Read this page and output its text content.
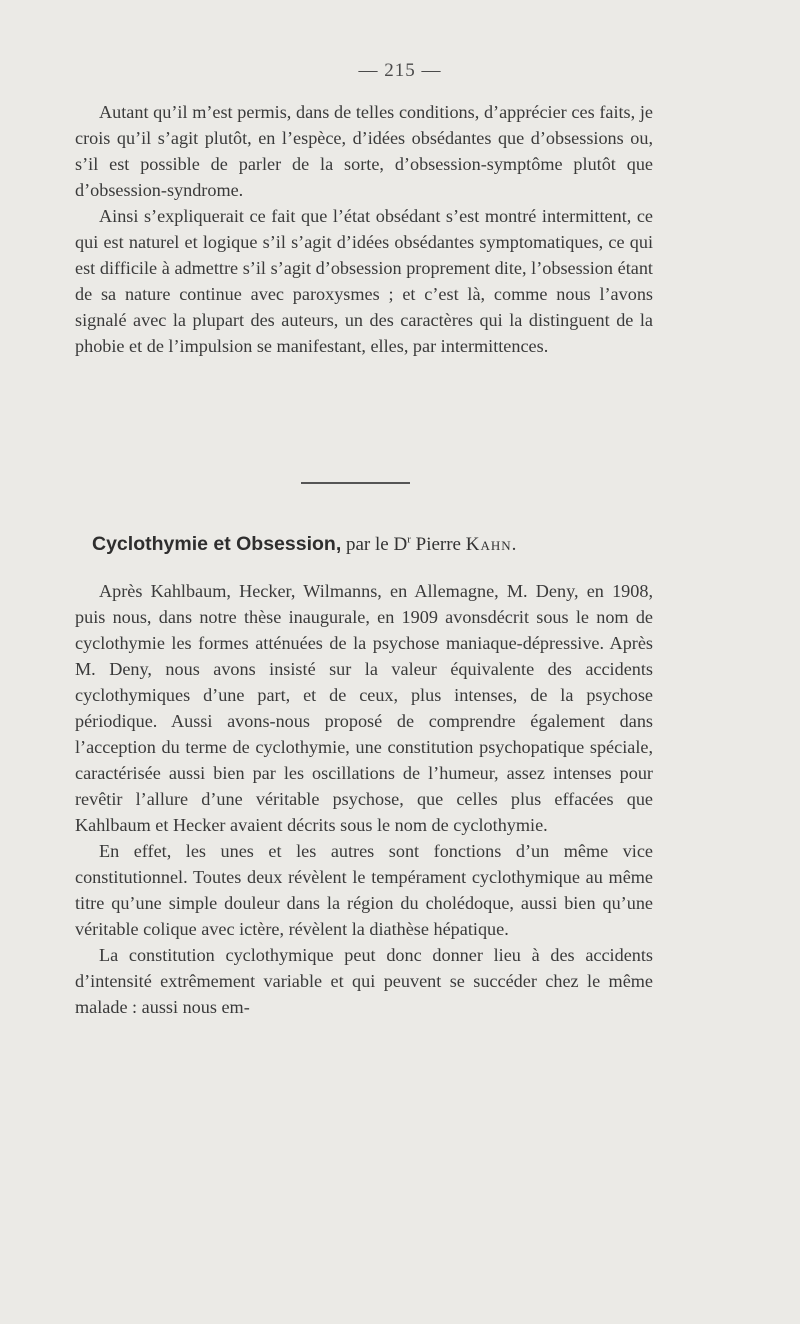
— 215 —

Autant qu’il m’est permis, dans de telles conditions, d’apprécier ces faits, je crois qu’il s’agit plutôt, en l’espèce, d’idées obsédantes que d’obsessions ou, s’il est possible de parler de la sorte, d’obsession-symptôme plutôt que d’obsession-syndrome.

Ainsi s’expliquerait ce fait que l’état obsédant s’est montré intermittent, ce qui est naturel et logique s’il s’agit d’idées obsédantes symptomatiques, ce qui est difficile à admettre s’il s’agit d’obsession proprement dite, l’obsession étant de sa nature continue avec paroxysmes ; et c’est là, comme nous l’avons signalé avec la plupart des auteurs, un des caractères qui la distinguent de la phobie et de l’impulsion se manifestant, elles, par intermittences.

Cyclothymie et Obsession, par le $D^r$ Pierre Kahn.

Après Kahlbaum, Hecker, Wilmanns, en Allemagne, M. Deny, en 1908, puis nous, dans notre thèse inaugurale, en 1909 avonsdécrit sous le nom de cyclothymie les formes atténuées de la psychose maniaque-dépressive. Après M. Deny, nous avons insisté sur la valeur équivalente des accidents cyclothymiques d’une part, et de ceux, plus intenses, de la psychose périodique. Aussi avons-nous proposé de comprendre également dans l’acception du terme de cyclothymie, une constitution psychopatique spéciale, caractérisée aussi bien par les oscillations de l’humeur, assez intenses pour revêtir l’allure d’une véritable psychose, que celles plus effacées que Kahlbaum et Hecker avaient décrits sous le nom de cyclothymie.

En effet, les unes et les autres sont fonctions d’un même vice constitutionnel. Toutes deux révèlent le tempérament cyclothymique au même titre qu’une simple douleur dans la région du cholédoque, aussi bien qu’une véritable colique avec ictère, révèlent la diathèse hépatique.

La constitution cyclothymique peut donc donner lieu à des accidents d’intensité extrêmement variable et qui peuvent se succéder chez le même malade : aussi nous em-
